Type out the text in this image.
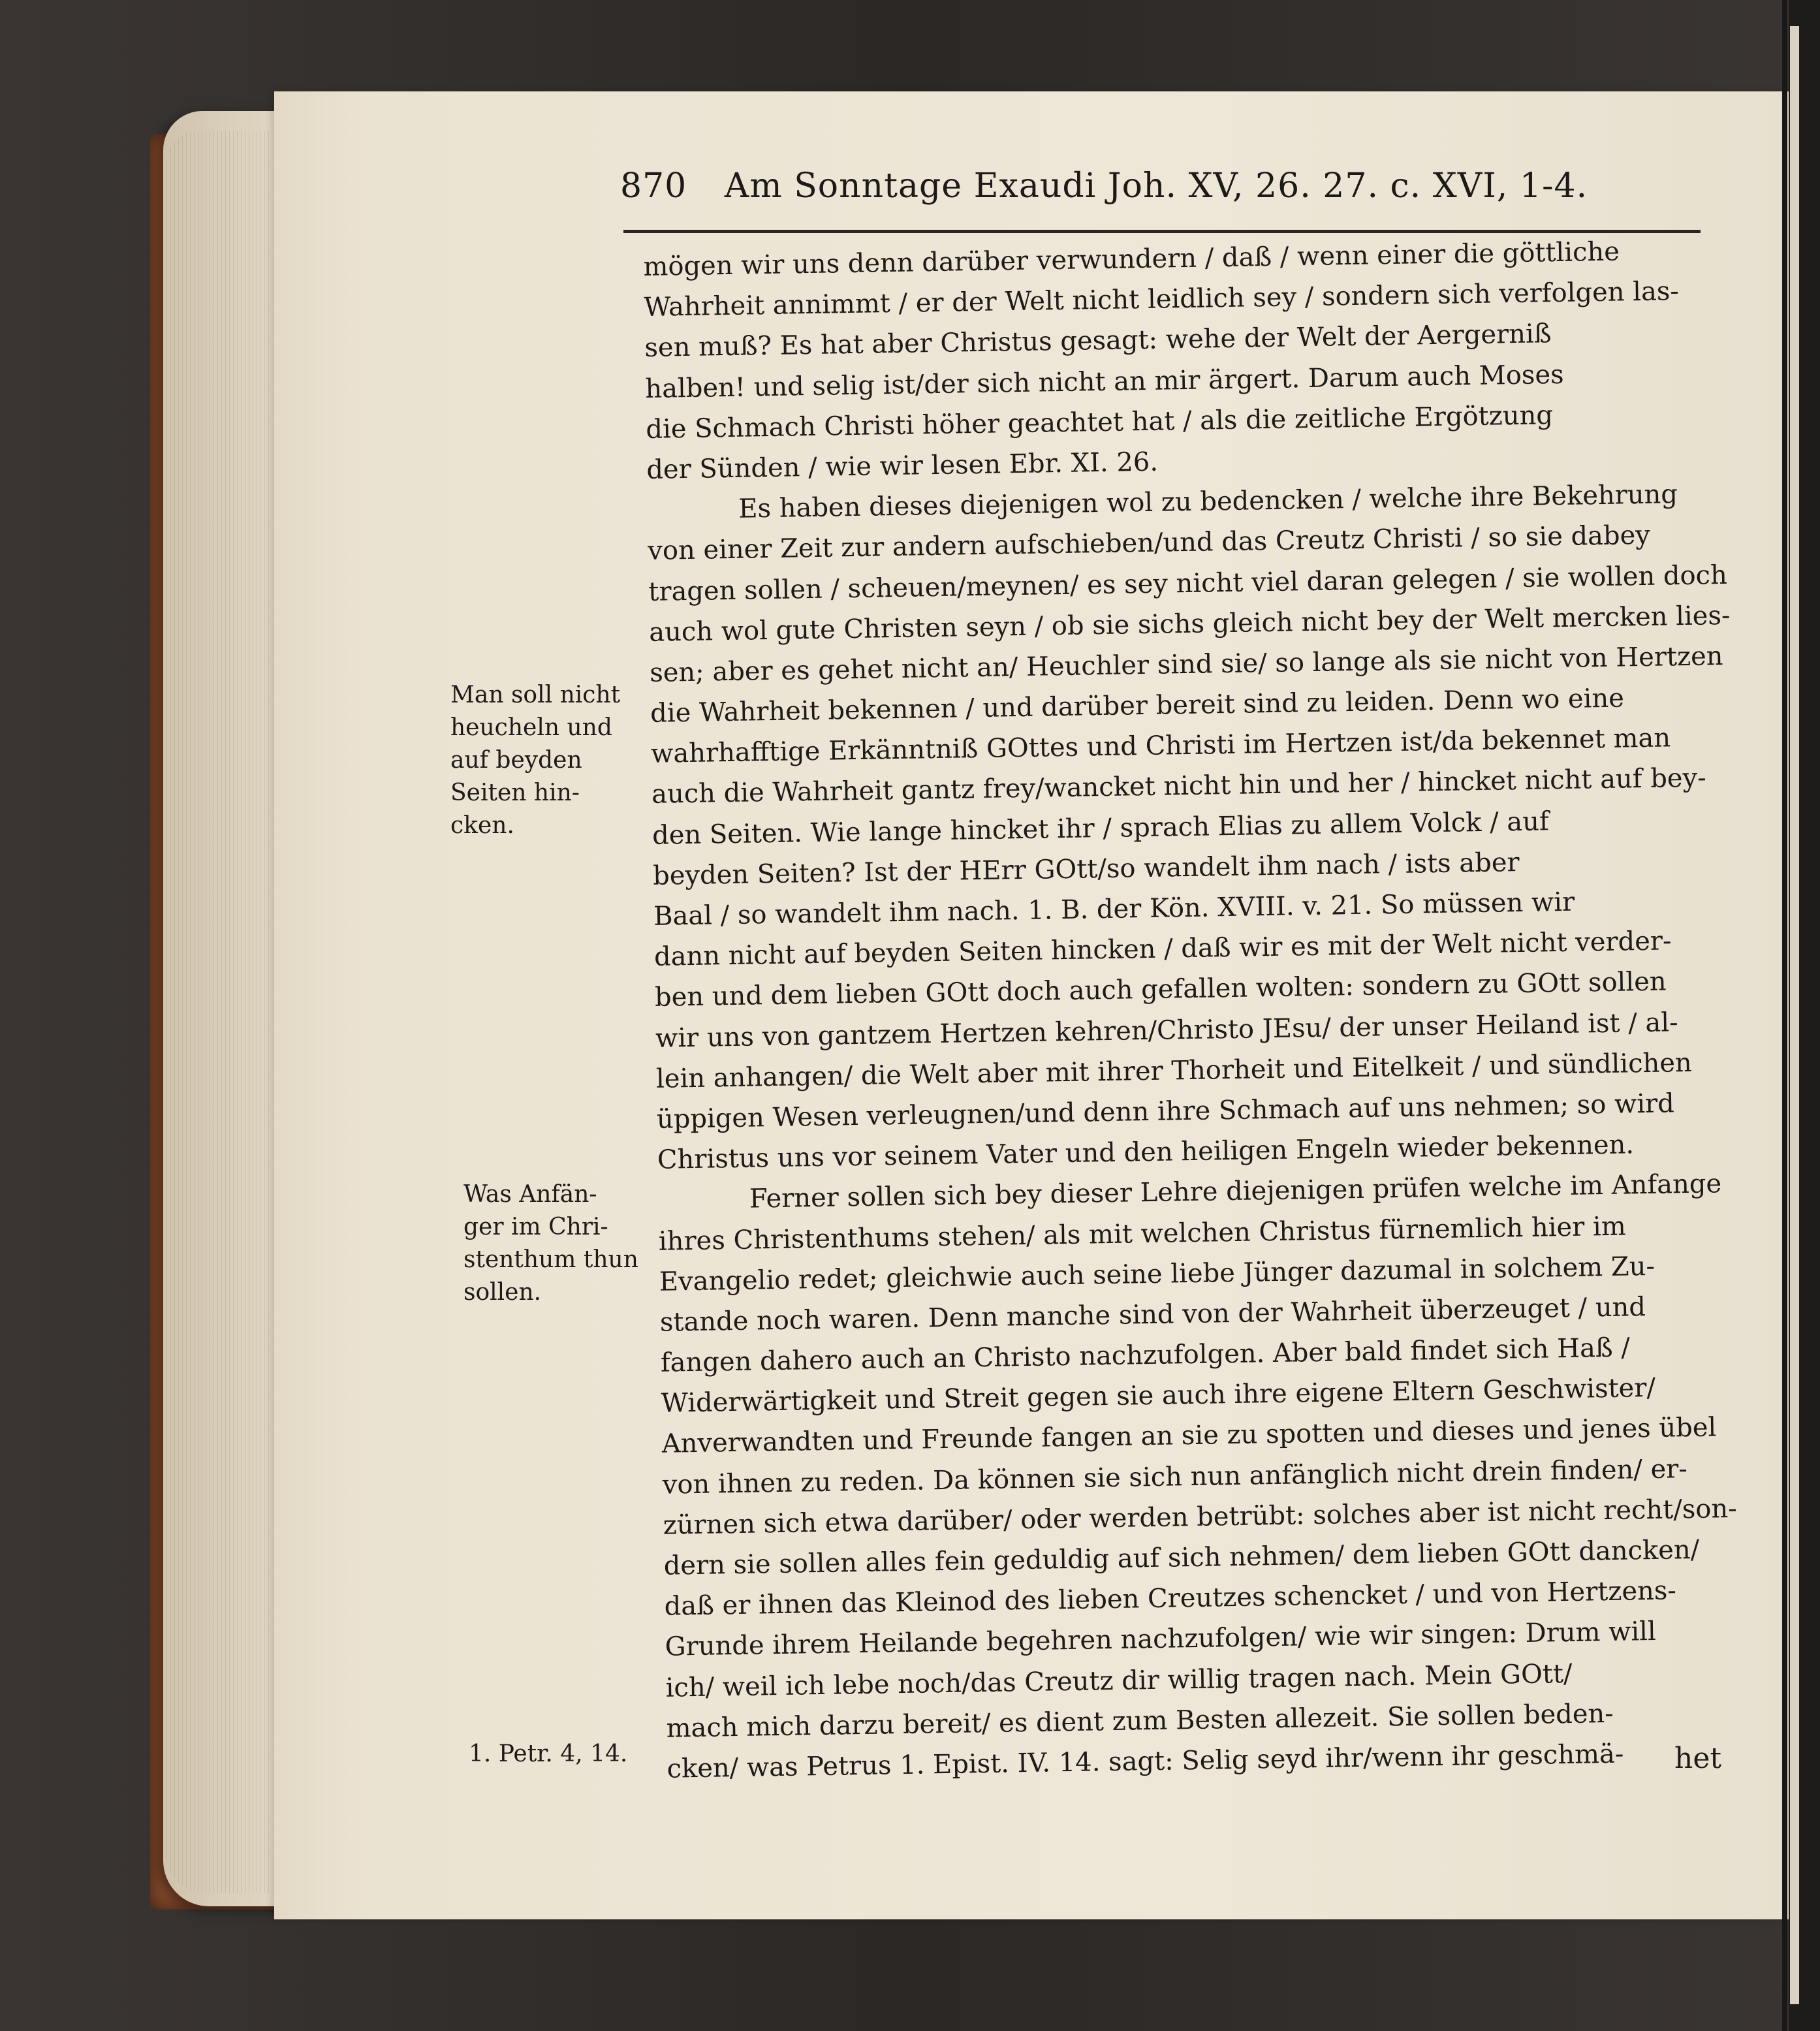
870 Am Sonntage Exaudi Joh. XV, 26. 27. c. XVI, 1-4.
mögen wir uns denn darüber verwundern / daß / wenn einer die göttliche
Wahrheit annimmt / er der Welt nicht leidlich sey / sondern sich verfolgen las-
sen muß? Es hat aber Christus gesagt: wehe der Welt der Aergerniß
halben! und selig ist/der sich nicht an mir ärgert. Darum auch Moses
die Schmach Christi höher geachtet hat / als die zeitliche Ergötzung
der Sünden / wie wir lesen Ebr. XI. 26.
Es haben dieses diejenigen wol zu bedencken / welche ihre Bekehrung
von einer Zeit zur andern aufschieben/und das Creutz Christi / so sie dabey
tragen sollen / scheuen/meynen/ es sey nicht viel daran gelegen / sie wollen doch
auch wol gute Christen seyn / ob sie sichs gleich nicht bey der Welt mercken lies-
sen; aber es gehet nicht an/ Heuchler sind sie/ so lange als sie nicht von Hertzen
die Wahrheit bekennen / und darüber bereit sind zu leiden. Denn wo eine
wahrhafftige Erkänntniß GOttes und Christi im Hertzen ist/da bekennet man
auch die Wahrheit gantz frey/wancket nicht hin und her / hincket nicht auf bey-
den Seiten. Wie lange hincket ihr / sprach Elias zu allem Volck / auf
beyden Seiten? Ist der HErr GOtt/so wandelt ihm nach / ists aber
Baal / so wandelt ihm nach. 1. B. der Kön. XVIII. v. 21. So müssen wir
dann nicht auf beyden Seiten hincken / daß wir es mit der Welt nicht verder-
ben und dem lieben GOtt doch auch gefallen wolten: sondern zu GOtt sollen
wir uns von gantzem Hertzen kehren/Christo JEsu/ der unser Heiland ist / al-
lein anhangen/ die Welt aber mit ihrer Thorheit und Eitelkeit / und sündlichen
üppigen Wesen verleugnen/und denn ihre Schmach auf uns nehmen; so wird
Christus uns vor seinem Vater und den heiligen Engeln wieder bekennen.
Ferner sollen sich bey dieser Lehre diejenigen prüfen welche im Anfange
ihres Christenthums stehen/ als mit welchen Christus fürnemlich hier im
Evangelio redet; gleichwie auch seine liebe Jünger dazumal in solchem Zu-
stande noch waren. Denn manche sind von der Wahrheit überzeuget / und
fangen dahero auch an Christo nachzufolgen. Aber bald findet sich Haß /
Widerwärtigkeit und Streit gegen sie auch ihre eigene Eltern Geschwister/
Anverwandten und Freunde fangen an sie zu spotten und dieses und jenes übel
von ihnen zu reden. Da können sie sich nun anfänglich nicht drein finden/ er-
zürnen sich etwa darüber/ oder werden betrübt: solches aber ist nicht recht/son-
dern sie sollen alles fein geduldig auf sich nehmen/ dem lieben GOtt dancken/
daß er ihnen das Kleinod des lieben Creutzes schencket / und von Hertzens-
Grunde ihrem Heilande begehren nachzufolgen/ wie wir singen: Drum will
ich/ weil ich lebe noch/das Creutz dir willig tragen nach. Mein GOtt/
mach mich darzu bereit/ es dient zum Besten allezeit. Sie sollen beden-
cken/ was Petrus 1. Epist. IV. 14. sagt: Selig seyd ihr/wenn ihr geschmä-	het
Man soll nicht
heucheln und
auf beyden
Seiten hin-
cken.
Was Anfän-
ger im Chri-
stenthum thun
sollen.
1. Petr. 4, 14.
